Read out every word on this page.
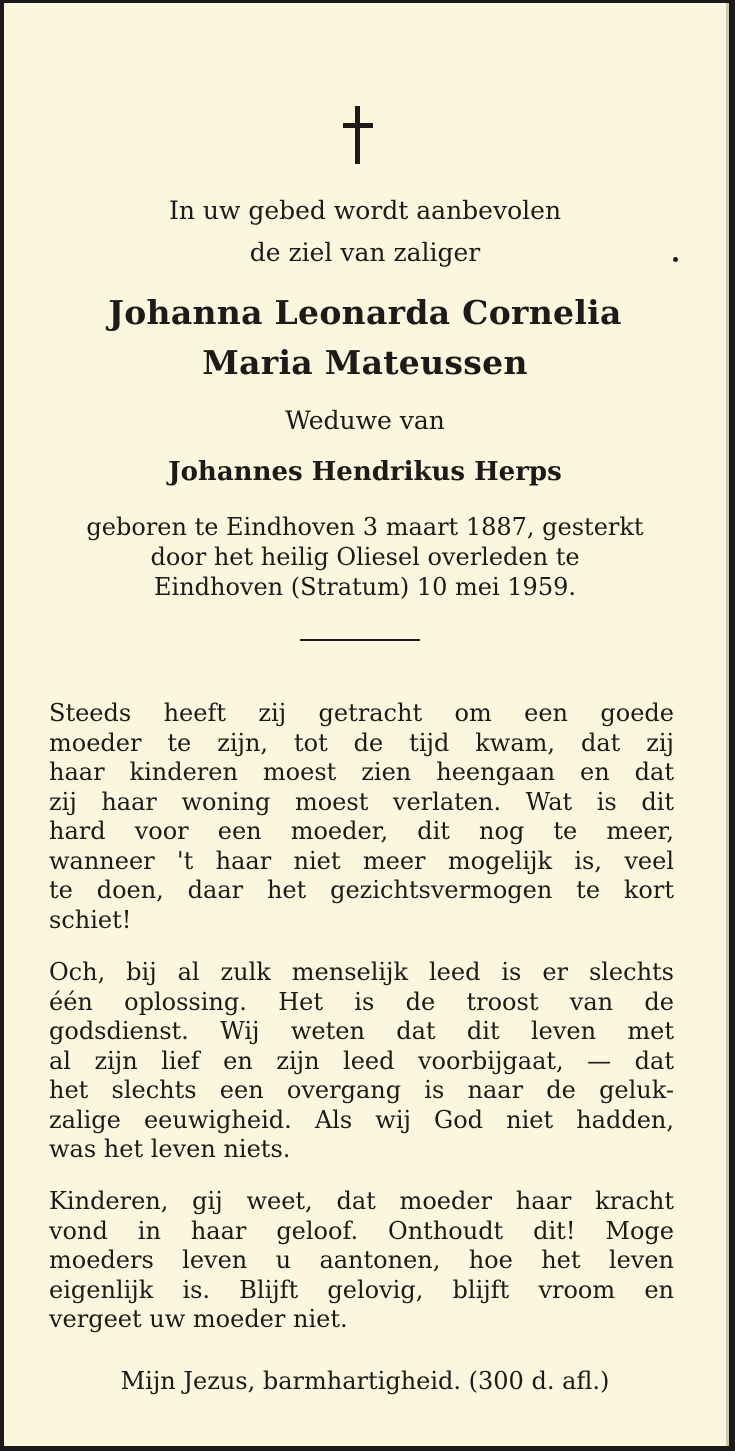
In uw gebed wordt aanbevolen
de ziel van zaliger
Johanna Leonarda Cornelia
Maria Mateussen
Weduwe van
Johannes Hendrikus Herps
geboren te Eindhoven 3 maart 1887, gesterkt
door het heilig Oliesel overleden te
Eindhoven (Stratum) 10 mei 1959.
Steeds heeft zij getracht om een goede
moeder te zijn, tot de tijd kwam, dat zij
haar kinderen moest zien heengaan en dat
zij haar woning moest verlaten. Wat is dit
hard voor een moeder, dit nog te meer,
wanneer 't haar niet meer mogelijk is, veel
te doen, daar het gezichtsvermogen te kort
schiet!
Och, bij al zulk menselijk leed is er slechts
één oplossing. Het is de troost van de
godsdienst. Wij weten dat dit leven met
al zijn lief en zijn leed voorbijgaat, — dat
het slechts een overgang is naar de geluk-
zalige eeuwigheid. Als wij God niet hadden,
was het leven niets.
Kinderen, gij weet, dat moeder haar kracht
vond in haar geloof. Onthoudt dit! Moge
moeders leven u aantonen, hoe het leven
eigenlijk is. Blijft gelovig, blijft vroom en
vergeet uw moeder niet.
Mijn Jezus, barmhartigheid. (300 d. afl.)
